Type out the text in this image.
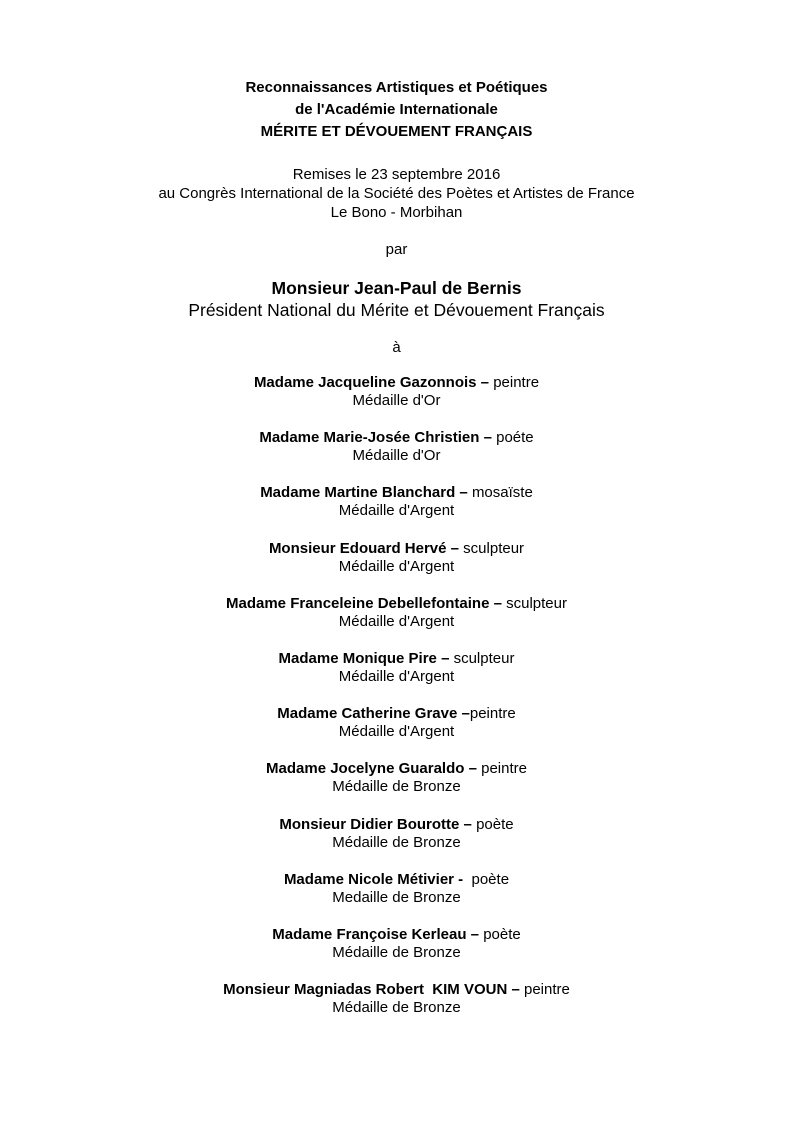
Reconnaissances Artistiques et Poétiques
de l'Académie Internationale
MÉRITE ET DÉVOUEMENT FRANÇAIS
Remises le 23 septembre 2016
au Congrès International de la Société des Poètes et Artistes de France
Le Bono - Morbihan
par
Monsieur Jean-Paul de Bernis
Président National du Mérite et Dévouement Français
à
Madame Jacqueline Gazonnois – peintre
Médaille d'Or
Madame Marie-Josée Christien – poéte
Médaille d'Or
Madame Martine Blanchard – mosaïste
Médaille d'Argent
Monsieur Edouard Hervé – sculpteur
Médaille d'Argent
Madame Franceleine Debellefontaine – sculpteur
Médaille d'Argent
Madame Monique Pire – sculpteur
Médaille d'Argent
Madame Catherine Grave –peintre
Médaille d'Argent
Madame Jocelyne Guaraldo – peintre
Médaille de Bronze
Monsieur Didier Bourotte – poète
Médaille de Bronze
Madame Nicole Métivier -  poète
Medaille de Bronze
Madame Françoise Kerleau – poète
Médaille de Bronze
Monsieur Magniadas Robert  KIM VOUN – peintre
Médaille de Bronze
